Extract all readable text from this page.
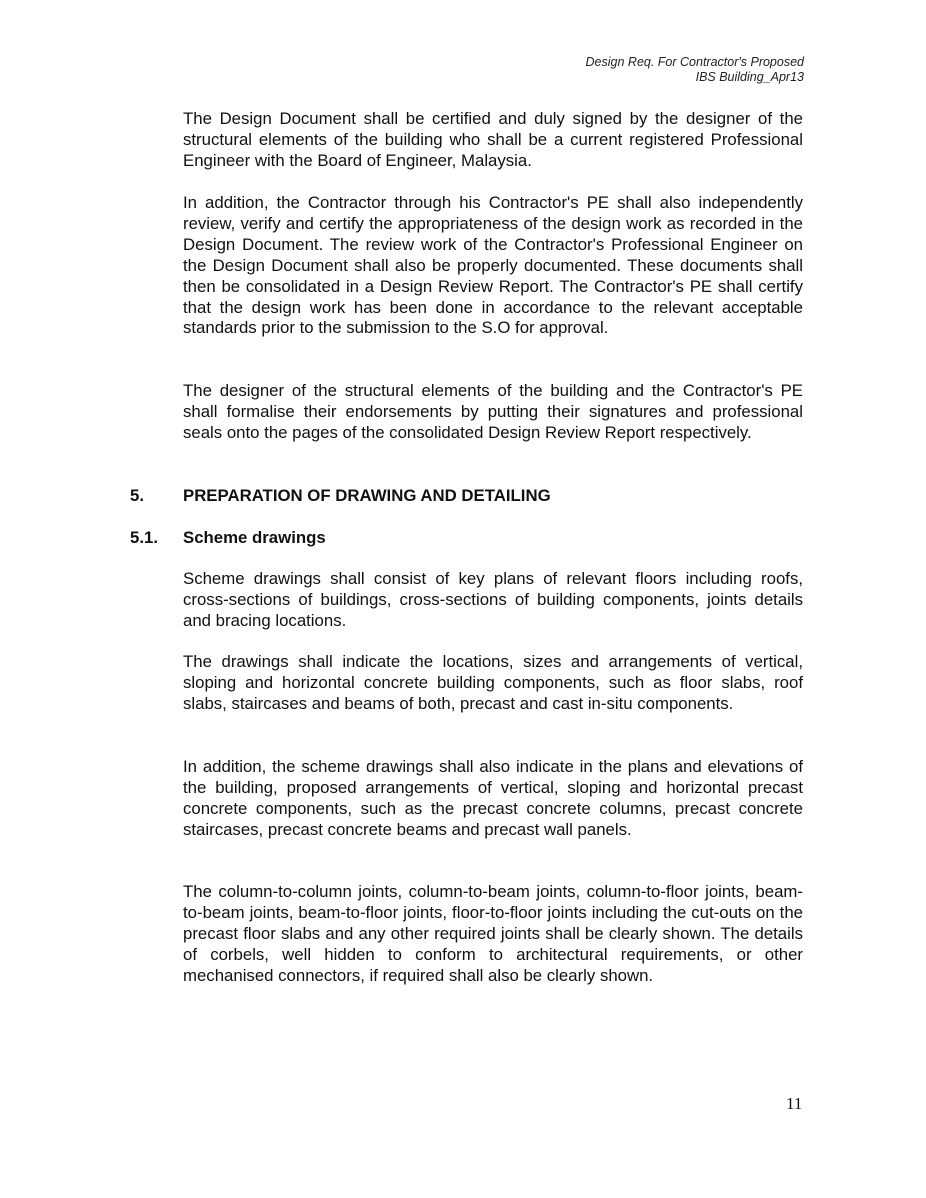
Design Req. For Contractor's Proposed
IBS Building_Apr13

The Design Document shall be certified and duly signed by the designer of the structural elements of the building who shall be a current registered Professional Engineer with the Board of Engineer, Malaysia.

In addition, the Contractor through his Contractor's PE shall also independently review, verify and certify the appropriateness of the design work as recorded in the Design Document. The review work of the Contractor's Professional Engineer on the Design Document shall also be properly documented. These documents shall then be consolidated in a Design Review Report. The Contractor's PE shall certify that the design work has been done in accordance to the relevant acceptable standards prior to the submission to the S.O for approval.

The designer of the structural elements of the building and the Contractor's PE shall formalise their endorsements by putting their signatures and professional seals onto the pages of the consolidated Design Review Report respectively.

5. PREPARATION OF DRAWING AND DETAILING
5.1. Scheme drawings

Scheme drawings shall consist of key plans of relevant floors including roofs, cross-sections of buildings, cross-sections of building components, joints details and bracing locations.

The drawings shall indicate the locations, sizes and arrangements of vertical, sloping and horizontal concrete building components, such as floor slabs, roof slabs, staircases and beams of both, precast and cast in-situ components.

In addition, the scheme drawings shall also indicate in the plans and elevations of the building, proposed arrangements of vertical, sloping and horizontal precast concrete components, such as the precast concrete columns, precast concrete staircases, precast concrete beams and precast wall panels.

The column-to-column joints, column-to-beam joints, column-to-floor joints, beam-to-beam joints, beam-to-floor joints, floor-to-floor joints including the cut-outs on the precast floor slabs and any other required joints shall be clearly shown. The details of corbels, well hidden to conform to architectural requirements, or other mechanised connectors, if required shall also be clearly shown.

11
